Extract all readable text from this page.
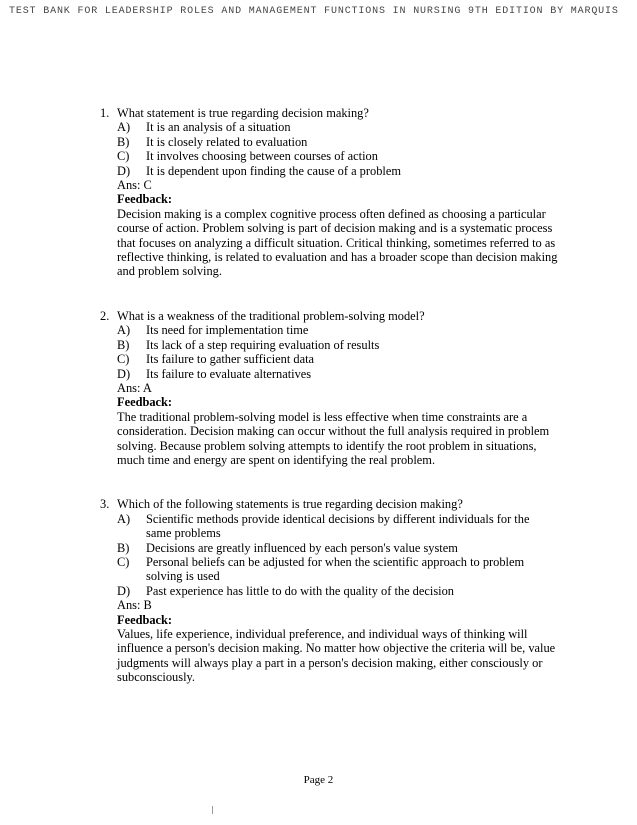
TEST BANK FOR LEADERSHIP ROLES AND MANAGEMENT FUNCTIONS IN NURSING 9TH EDITION BY MARQUIS
1. What statement is true regarding decision making?
A)	It is an analysis of a situation
B)	It is closely related to evaluation
C)	It involves choosing between courses of action
D)	It is dependent upon finding the cause of a problem
Ans: C
Feedback:
Decision making is a complex cognitive process often defined as choosing a particular course of action. Problem solving is part of decision making and is a systematic process that focuses on analyzing a difficult situation. Critical thinking, sometimes referred to as reflective thinking, is related to evaluation and has a broader scope than decision making and problem solving.
2. What is a weakness of the traditional problem-solving model?
A)	Its need for implementation time
B)	Its lack of a step requiring evaluation of results
C)	Its failure to gather sufficient data
D)	Its failure to evaluate alternatives
Ans: A
Feedback:
The traditional problem-solving model is less effective when time constraints are a consideration. Decision making can occur without the full analysis required in problem solving. Because problem solving attempts to identify the root problem in situations, much time and energy are spent on identifying the real problem.
3. Which of the following statements is true regarding decision making?
A)	Scientific methods provide identical decisions by different individuals for the same problems
B)	Decisions are greatly influenced by each person's value system
C)	Personal beliefs can be adjusted for when the scientific approach to problem solving is used
D)	Past experience has little to do with the quality of the decision
Ans: B
Feedback:
Values, life experience, individual preference, and individual ways of thinking will influence a person's decision making. No matter how objective the criteria will be, value judgments will always play a part in a person's decision making, either consciously or subconsciously.
Page 2
